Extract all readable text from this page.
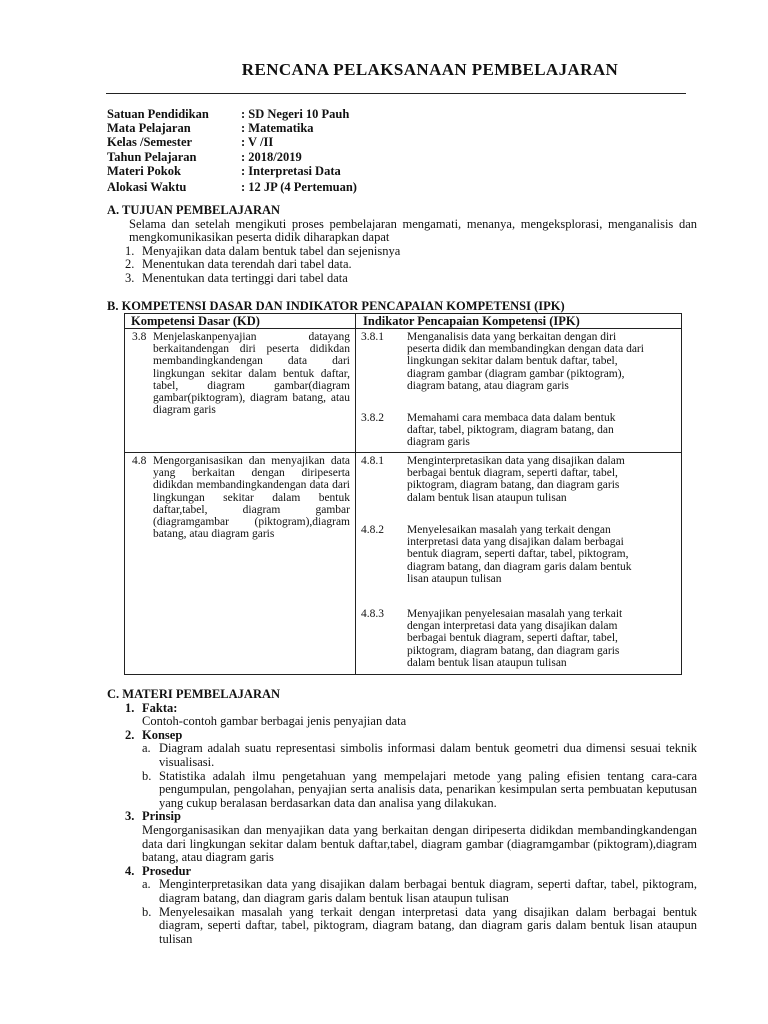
RENCANA PELAKSANAAN PEMBELAJARAN
Satuan Pendidikan	: SD Negeri 10 Pauh
Mata Pelajaran	: Matematika
Kelas /Semester	: V /II
Tahun Pelajaran	: 2018/2019
Materi Pokok	: Interpretasi Data
Alokasi Waktu	: 12 JP (4 Pertemuan)
A. TUJUAN PEMBELAJARAN
Selama dan setelah mengikuti proses pembelajaran mengamati, menanya, mengeksplorasi, menganalisis dan mengkomunikasikan peserta didik diharapkan dapat
1. Menyajikan data dalam bentuk tabel dan sejenisnya
2. Menentukan data terendah dari tabel data.
3. Menentukan data tertinggi dari tabel data
B. KOMPETENSI DASAR DAN INDIKATOR PENCAPAIAN KOMPETENSI (IPK)
Kompetensi Dasar (KD)	Indikator Pencapaian Kompetensi (IPK)
3.8 Menjelaskanpenyajian datayang berkaitandengan diri peserta didikdan membandingkandengan data dari lingkungan sekitar dalam bentuk daftar, tabel, diagram gambar(diagram gambar(piktogram), diagram batang, atau diagram garis
3.8.1	Menganalisis data yang berkaitan dengan diri peserta didik dan membandingkan dengan data dari lingkungan sekitar dalam bentuk daftar, tabel, diagram gambar (diagram gambar (piktogram), diagram batang, atau diagram garis
3.8.2	Memahami cara membaca data dalam bentuk daftar, tabel, piktogram, diagram batang, dan diagram garis
4.8 Mengorganisasikan dan menyajikan data yang berkaitan dengan diripeserta didikdan membandingkandengan data dari lingkungan sekitar dalam bentuk daftar,tabel, diagram gambar (diagramgambar (piktogram),diagram batang, atau diagram garis
4.8.1	Menginterpretasikan data yang disajikan dalam berbagai bentuk diagram, seperti daftar, tabel, piktogram, diagram batang, dan diagram garis dalam bentuk lisan ataupun tulisan
4.8.2	Menyelesaikan masalah yang terkait dengan interpretasi data yang disajikan dalam berbagai bentuk diagram, seperti daftar, tabel, piktogram, diagram batang, dan diagram garis dalam bentuk lisan ataupun tulisan
4.8.3	Menyajikan penyelesaian masalah yang terkait dengan interpretasi data yang disajikan dalam berbagai bentuk diagram, seperti daftar, tabel, piktogram, diagram batang, dan diagram garis dalam bentuk lisan ataupun tulisan
C. MATERI PEMBELAJARAN
1. Fakta:
Contoh-contoh gambar berbagai jenis penyajian data
2. Konsep
a. Diagram adalah suatu representasi simbolis informasi dalam bentuk geometri dua dimensi sesuai teknik visualisasi.
b. Statistika adalah ilmu pengetahuan yang mempelajari metode yang paling efisien tentang cara-cara pengumpulan, pengolahan, penyajian serta analisis data, penarikan kesimpulan serta pembuatan keputusan yang cukup beralasan berdasarkan data dan analisa yang dilakukan.
3. Prinsip
Mengorganisasikan dan menyajikan data yang berkaitan dengan diripeserta didikdan membandingkandengan data dari lingkungan sekitar dalam bentuk daftar,tabel, diagram gambar (diagramgambar (piktogram),diagram batang, atau diagram garis
4. Prosedur
a. Menginterpretasikan data yang disajikan dalam berbagai bentuk diagram, seperti daftar, tabel, piktogram, diagram batang, dan diagram garis dalam bentuk lisan ataupun tulisan
b. Menyelesaikan masalah yang terkait dengan interpretasi data yang disajikan dalam berbagai bentuk diagram, seperti daftar, tabel, piktogram, diagram batang, dan diagram garis dalam bentuk lisan ataupun tulisan
